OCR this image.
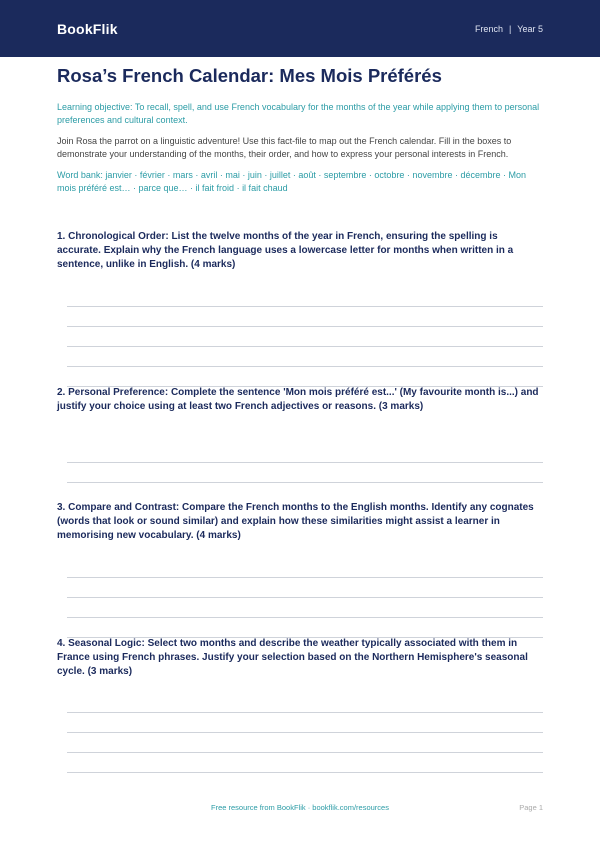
BookFlik	French | Year 5
Rosa’s French Calendar: Mes Mois Préférés

Learning objective: To recall, spell, and use French vocabulary for the months of the year while applying them to personal preferences and cultural context.

Join Rosa the parrot on a linguistic adventure! Use this fact-file to map out the French calendar. Fill in the boxes to demonstrate your understanding of the months, their order, and how to express your personal interests in French.

Word bank: janvier · février · mars · avril · mai · juin · juillet · août · septembre · octobre · novembre · décembre · Mon mois préféré est… · parce que… · il fait froid · il fait chaud

1. Chronological Order: List the twelve months of the year in French, ensuring the spelling is accurate. Explain why the French language uses a lowercase letter for months when written in a sentence, unlike in English. (4 marks)

2. Personal Preference: Complete the sentence 'Mon mois préféré est...' (My favourite month is...) and justify your choice using at least two French adjectives or reasons. (3 marks)

3. Compare and Contrast: Compare the French months to the English months. Identify any cognates (words that look or sound similar) and explain how these similarities might assist a learner in memorising new vocabulary. (4 marks)

4. Seasonal Logic: Select two months and describe the weather typically associated with them in France using French phrases. Justify your selection based on the Northern Hemisphere's seasonal cycle. (3 marks)

Free resource from BookFlik · bookflik.com/resources	Page 1
